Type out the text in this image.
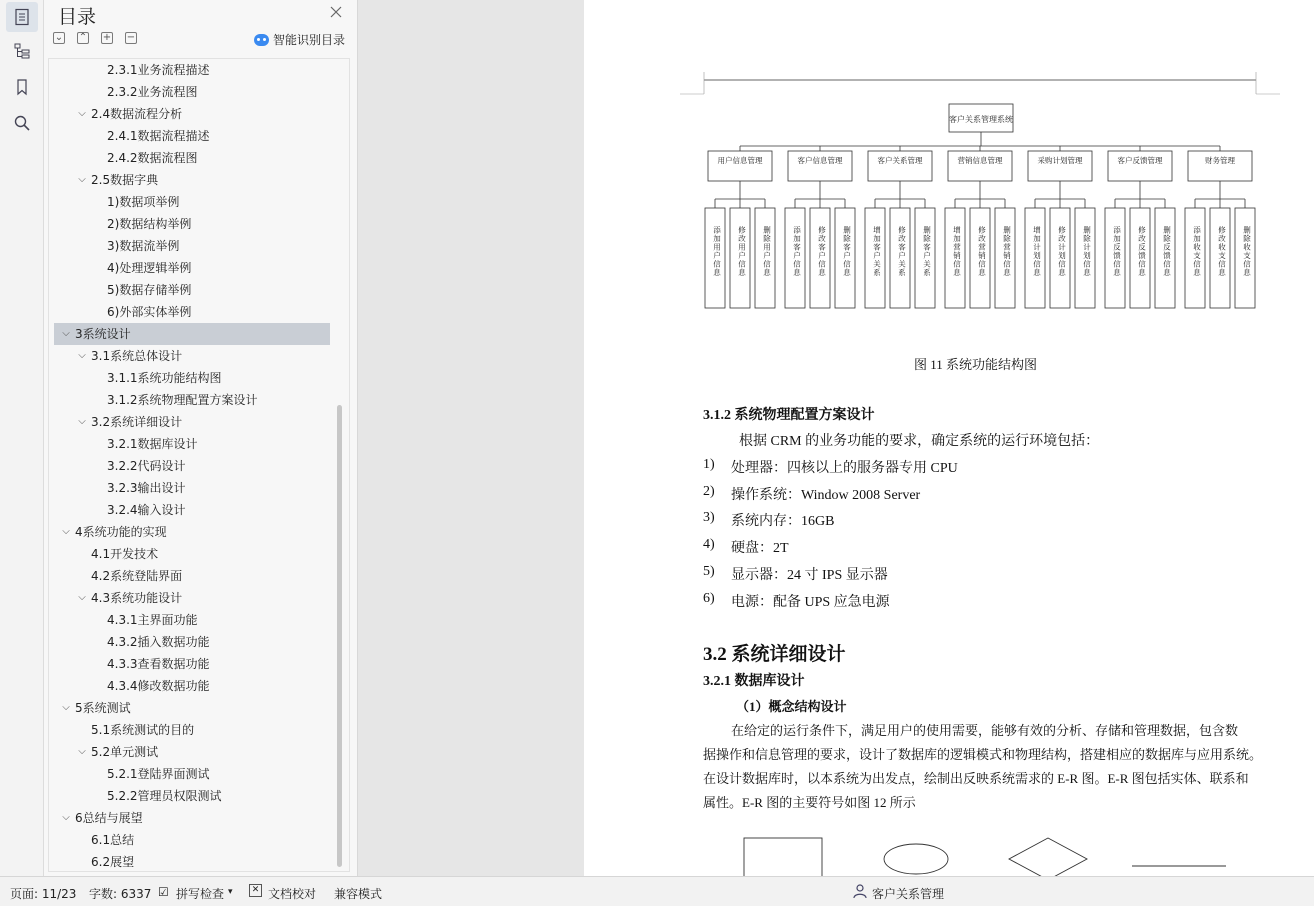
目录
⌄ ⌃ + −	智能识别目录
2.3.1业务流程描述
2.3.2业务流程图
⌵ 2.4数据流程分析
2.4.1数据流程描述
2.4.2数据流程图
⌵ 2.5数据字典
1)数据项举例
2)数据结构举例
3)数据流举例
4)处理逻辑举例
5)数据存储举例
6)外部实体举例
⌵ 3系统设计
⌵ 3.1系统总体设计
3.1.1系统功能结构图
3.1.2系统物理配置方案设计
⌵ 3.2系统详细设计
3.2.1数据库设计
3.2.2代码设计
3.2.3输出设计
3.2.4输入设计
⌵ 4系统功能的实现
4.1开发技术
4.2系统登陆界面
⌵ 4.3系统功能设计
4.3.1主界面功能
4.3.2插入数据功能
4.3.3查看数据功能
4.3.4修改数据功能
⌵ 5系统测试
5.1系统测试的目的
⌵ 5.2单元测试
5.2.1登陆界面测试
5.2.2管理员权限测试
⌵ 6总结与展望
6.1总结
6.2展望
客户关系管理系统
用户信息管理
添加用户信息 修改用户信息 删除用户信息
客户信息管理
添加客户信息 修改客户信息 删除客户信息
客户关系管理
增加客户关系 修改客户关系 删除客户关系
营销信息管理
增加营销信息 修改营销信息 删除营销信息
采购计划管理
增加计划信息 修改计划信息 删除计划信息
客户反馈管理
添加反馈信息 修改反馈信息 删除反馈信息
财务管理
添加收支信息 修改收支信息 删除收支信息
图 11 系统功能结构图
3.1.2 系统物理配置方案设计
根据 CRM 的业务功能的要求，确定系统的运行环境包括：
3.2 系统详细设计
3.2.1 数据库设计
（1）概念结构设计
在给定的运行条件下，满足用户的使用需要，能够有效的分析、存储和管理数据，包含数
据操作和信息管理的要求，设计了数据库的逻辑模式和物理结构，搭建相应的数据库与应用系统。
在设计数据库时，以本系统为出发点，绘制出反映系统需求的 E-R 图。E-R 图包括实体、联系和
属性。E-R 图的主要符号如图 12 所示
1) 处理器：四核以上的服务器专用 CPU
2) 操作系统：Window 2008 Server
3) 系统内存：16GB
4) 硬盘：2T
5) 显示器：24 寸 IPS 显示器
6) 电源：配备 UPS 应急电源
页面: 11/23 字数: 6337 ☑ 拼写检查 ▾	✕ 文档校对 兼容模式	客户关系管理
